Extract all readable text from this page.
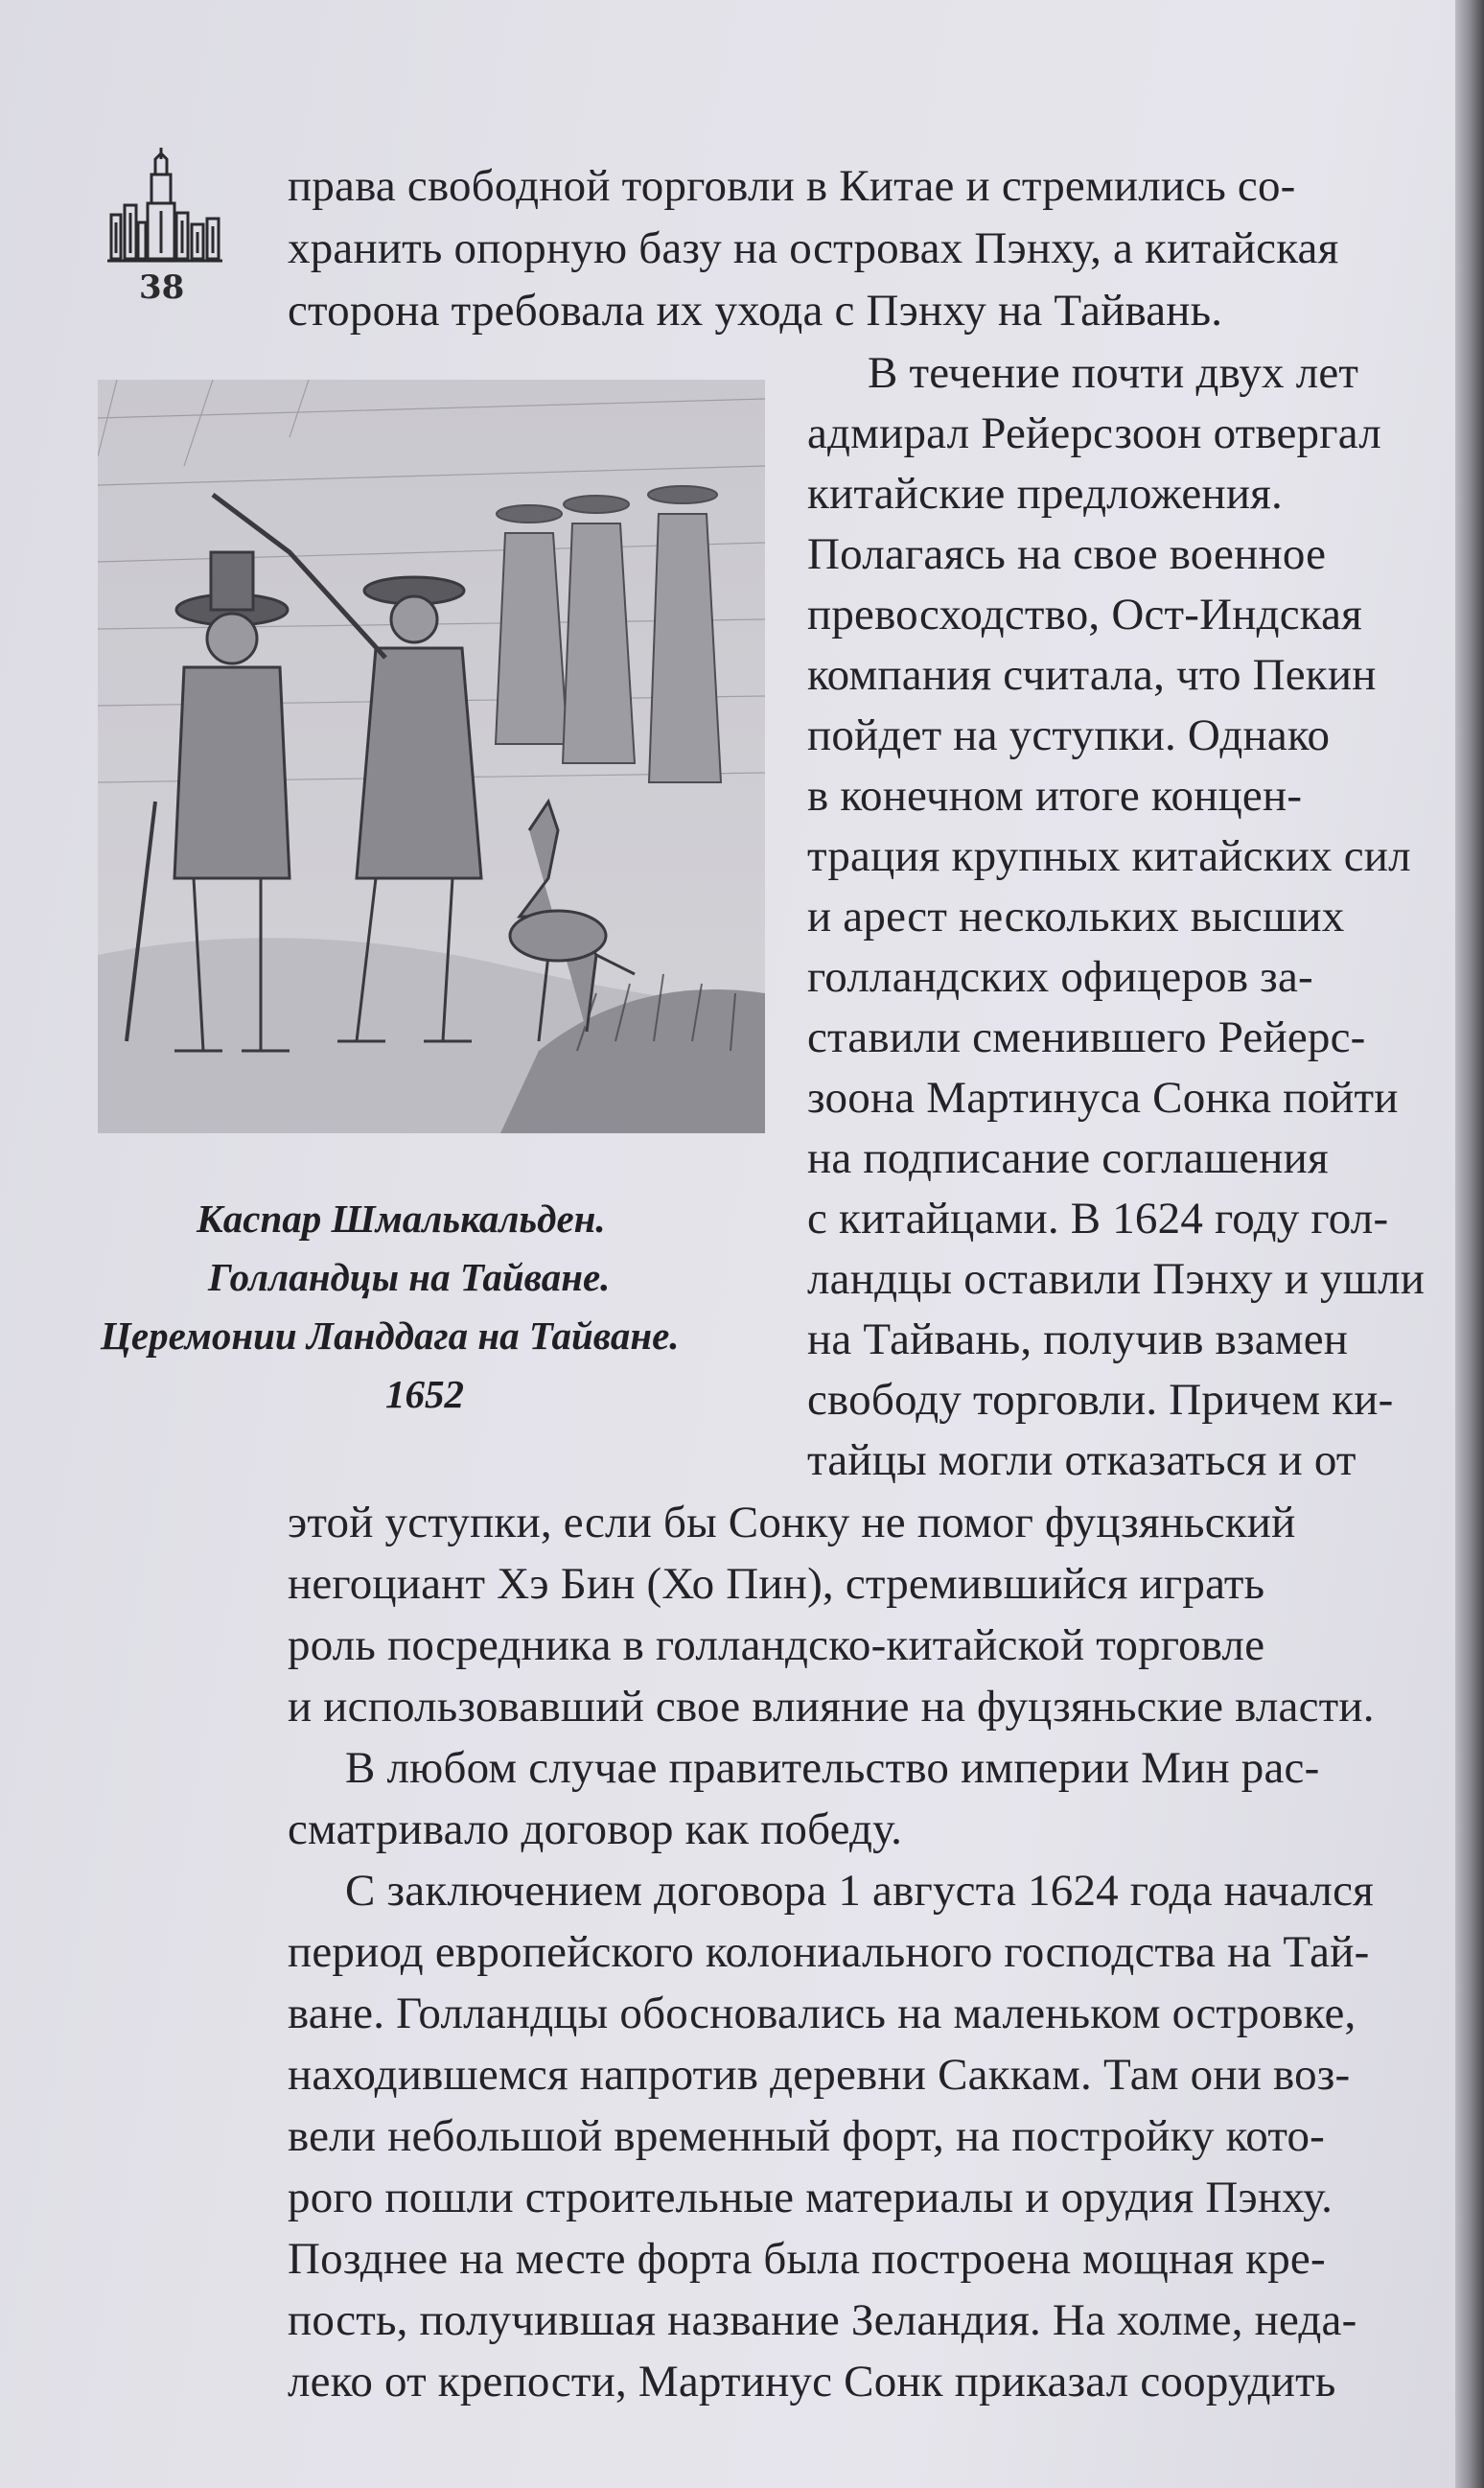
38
права свободной торговли в Китае и стремились со-
хранить опорную базу на островах Пэнху, а китайская
сторона требовала их ухода с Пэнху на Тайвань.
В течение почти двух лет
адмирал Рейерсзоон отвергал
китайские предложения.
Полагаясь на свое военное
превосходство, Ост-Индская
компания считала, что Пекин
пойдет на уступки. Однако
в конечном итоге концен-
трация крупных китайских сил
и арест нескольких высших
голландских офицеров за-
ставили сменившего Рейерс-
зоона Мартинуса Сонка пойти
на подписание соглашения
с китайцами. В 1624 году гол-
ландцы оставили Пэнху и ушли
на Тайвань, получив взамен
свободу торговли. Причем ки-
тайцы могли отказаться и от
Каспар Шмалькальден.
Голландцы на Тайване.
Церемонии Ланддага на Тайване.
1652
этой уступки, если бы Сонку не помог фуцзяньский
негоциант Хэ Бин (Хо Пин), стремившийся играть
роль посредника в голландско-китайской торговле
и использовавший свое влияние на фуцзяньские власти.
В любом случае правительство империи Мин рас-
сматривало договор как победу.
С заключением договора 1 августа 1624 года начался
период европейского колониального господства на Тай-
ване. Голландцы обосновались на маленьком островке,
находившемся напротив деревни Саккам. Там они воз-
вели небольшой временный форт, на постройку кото-
рого пошли строительные материалы и орудия Пэнху.
Позднее на месте форта была построена мощная кре-
пость, получившая название Зеландия. На холме, неда-
леко от крепости, Мартинус Сонк приказал соорудить
